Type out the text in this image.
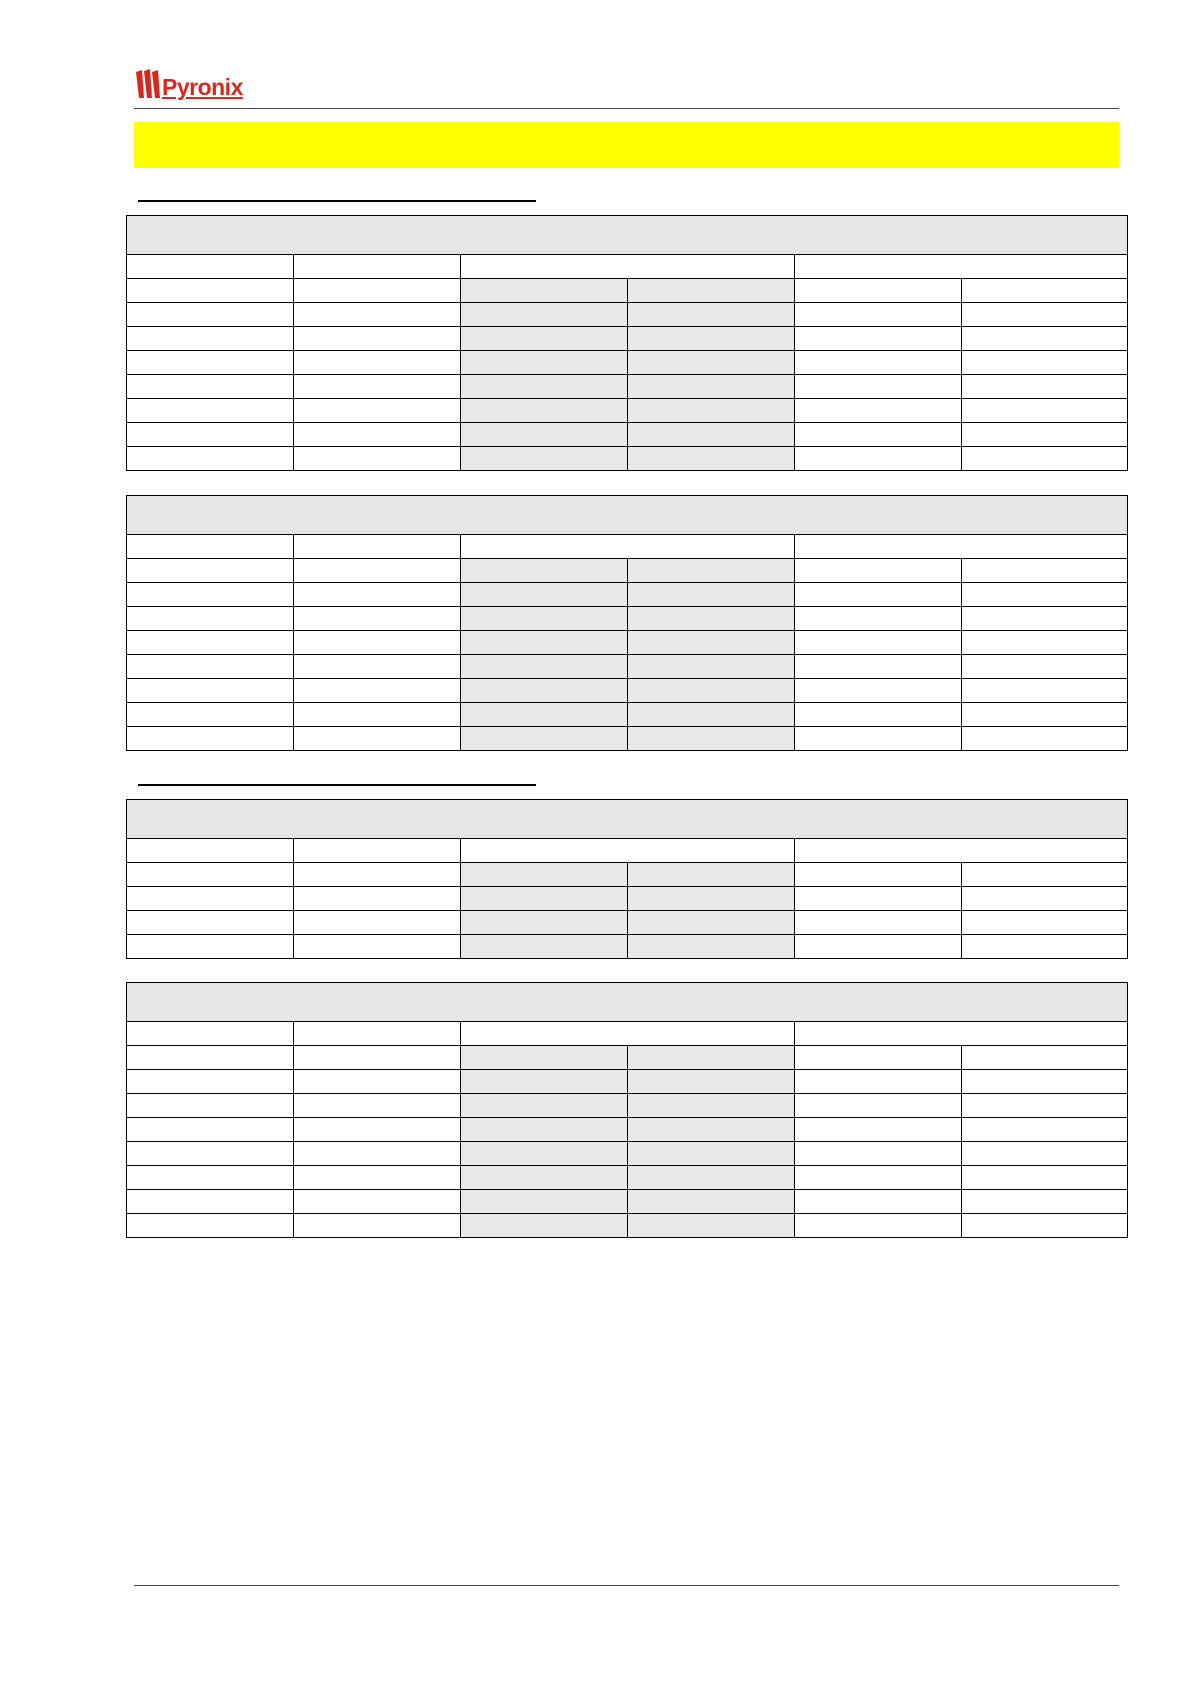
Pyronix
